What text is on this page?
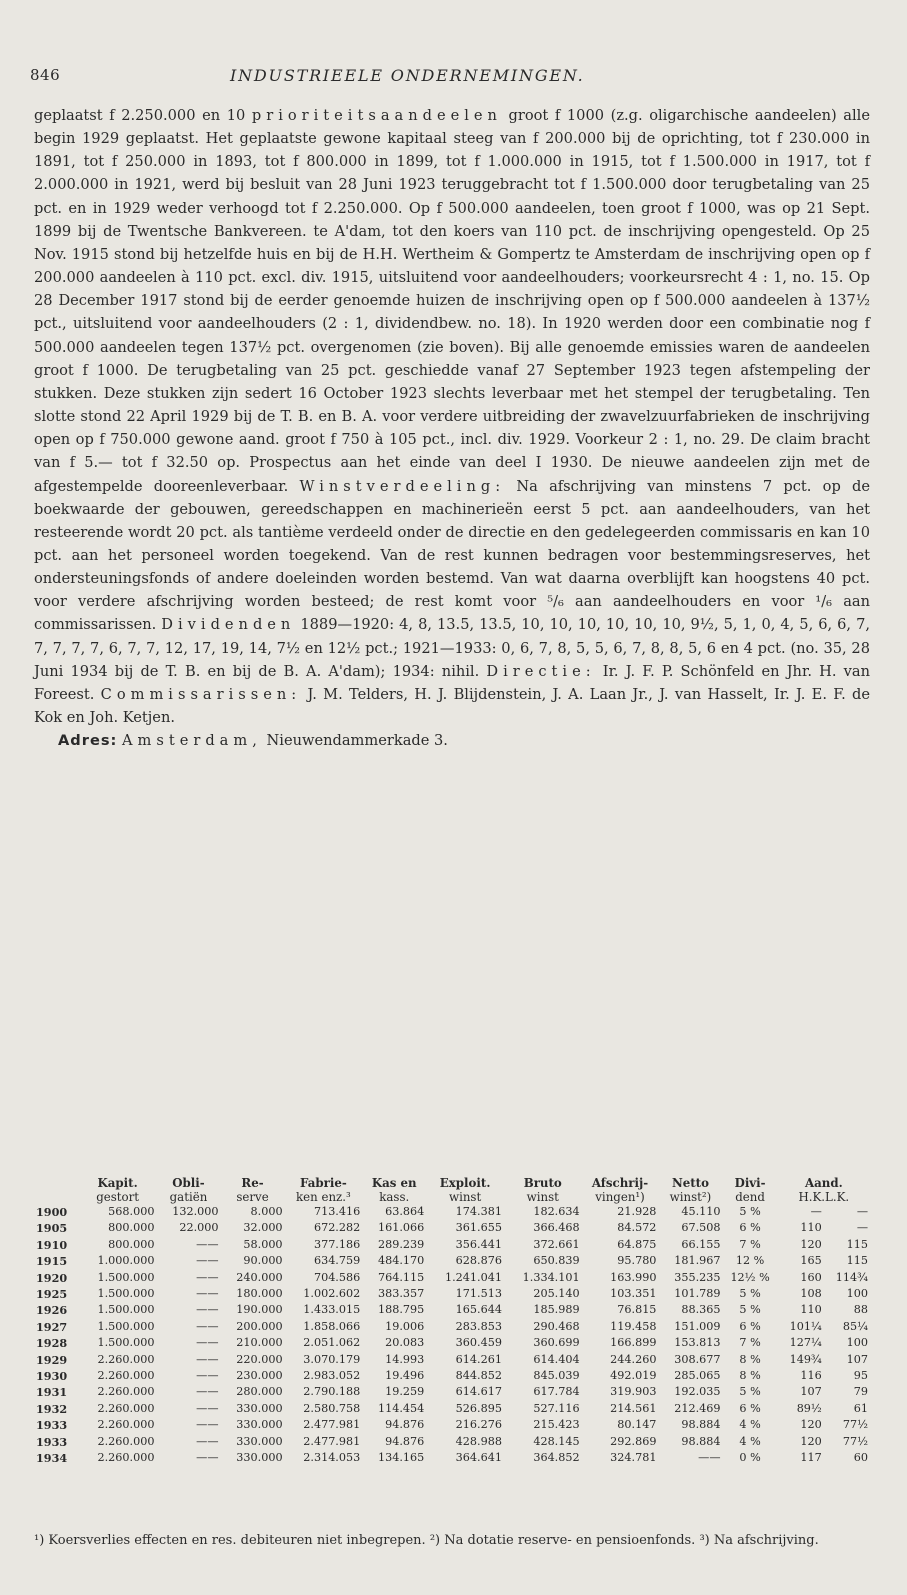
846	INDUSTRIEELE ONDERNEMINGEN.

geplaatst f 2.250.000 en 10 prioriteitsaandeelen groot f 1000 (z.g. oligarchische aandeelen) alle begin 1929 geplaatst. Het geplaatste gewone kapitaal steeg van f 200.000 bij de oprichting, tot f 230.000 in 1891, tot f 250.000 in 1893, tot f 800.000 in 1899, tot f 1.000.000 in 1915, tot f 1.500.000 in 1917, tot f 2.000.000 in 1921, werd bij besluit van 28 Juni 1923 teruggebracht tot f 1.500.000 door terugbetaling van 25 pct. en in 1929 weder verhoogd tot f 2.250.000. Op f 500.000 aandeelen, toen groot f 1000, was op 21 Sept. 1899 bij de Twentsche Bankvereen. te A'dam, tot den koers van 110 pct. de inschrijving opengesteld. Op 25 Nov. 1915 stond bij hetzelfde huis en bij de H.H. Wertheim & Gompertz te Amsterdam de inschrijving open op f 200.000 aandeelen à 110 pct. excl. div. 1915, uitsluitend voor aandeelhouders; voorkeursrecht 4 : 1, no. 15. Op 28 December 1917 stond bij de eerder genoemde huizen de inschrijving open op f 500.000 aandeelen à 137½ pct., uitsluitend voor aandeelhouders (2 : 1, dividendbew. no. 18). In 1920 werden door een combinatie nog f 500.000 aandeelen tegen 137½ pct. overgenomen (zie boven). Bij alle genoemde emissies waren de aandeelen groot f 1000. De terugbetaling van 25 pct. geschiedde vanaf 27 September 1923 tegen afstempeling der stukken. Deze stukken zijn sedert 16 October 1923 slechts leverbaar met het stempel der terugbetaling. Ten slotte stond 22 April 1929 bij de T. B. en B. A. voor verdere uitbreiding der zwavelzuurfabrieken de inschrijving open op f 750.000 gewone aand. groot f 750 à 105 pct., incl. div. 1929. Voorkeur 2 : 1, no. 29. De claim bracht van f 5.— tot f 32.50 op. Prospectus aan het einde van deel I 1930. De nieuwe aandeelen zijn met de afgestempelde dooreenleverbaar. Winstverdeeling: Na afschrijving van minstens 7 pct. op de boekwaarde der gebouwen, gereedschappen en machinerieën eerst 5 pct. aan aandeelhouders, van het resteerende wordt 20 pct. als tantième verdeeld onder de directie en den gedelegeerden commissaris en kan 10 pct. aan het personeel worden toegekend. Van de rest kunnen bedragen voor bestemmingsreserves, het ondersteuningsfonds of andere doeleinden worden bestemd. Van wat daarna overblijft kan hoogstens 40 pct. voor verdere afschrijving worden besteed; de rest komt voor ⁵/₆ aan aandeelhouders en voor ¹/₆ aan commissarissen. Dividenden 1889—1920: 4, 8, 13.5, 13.5, 10, 10, 10, 10, 10, 10, 9½, 5, 1, 0, 4, 5, 6, 6, 7, 7, 7, 7, 7, 6, 7, 7, 12, 17, 19, 14, 7½ en 12½ pct.; 1921—1933: 0, 6, 7, 8, 5, 5, 6, 7, 8, 8, 5, 6 en 4 pct. (no. 35, 28 Juni 1934 bij de T. B. en bij de B. A. A'dam); 1934: nihil. Directie: Ir. J. F. P. Schönfeld en Jhr. H. van Foreest. Commissarissen: J. M. Telders, H. J. Blijdenstein, J. A. Laan Jr., J. van Hasselt, Ir. J. E. F. de Kok en Joh. Ketjen.

Adres: Amsterdam, Nieuwendammerkade 3.

	Kapit.	Obli-	Re-	Fabrie-	Kas en	Exploit.	Bruto	Afschrij-	Netto	Divi-	Aand.	
	gestort	gatiën	serve	ken enz.³	kass.	winst	winst	vingen¹)	winst²)	dend	H.K.L.K.	
1900	568.000	132.000	8.000	713.416	63.864	174.381	182.634	21.928	45.110	5 %	—	—
1905	800.000	22.000	32.000	672.282	161.066	361.655	366.468	84.572	67.508	6 %	110	—
1910	800.000	——	58.000	377.186	289.239	356.441	372.661	64.875	66.155	7 %	120	115
1915	1.000.000	——	90.000	634.759	484.170	628.876	650.839	95.780	181.967	12 %	165	115
1920	1.500.000	——	240.000	704.586	764.115	1.241.041	1.334.101	163.990	355.235	12½ %	160	114¾
1925	1.500.000	——	180.000	1.002.602	383.357	171.513	205.140	103.351	101.789	5 %	108	100
1926	1.500.000	——	190.000	1.433.015	188.795	165.644	185.989	76.815	88.365	5 %	110	88
1927	1.500.000	——	200.000	1.858.066	19.006	283.853	290.468	119.458	151.009	6 %	101¼	85¼
1928	1.500.000	——	210.000	2.051.062	20.083	360.459	360.699	166.899	153.813	7 %	127¼	100
1929	2.260.000	——	220.000	3.070.179	14.993	614.261	614.404	244.260	308.677	8 %	149¾	107
1930	2.260.000	——	230.000	2.983.052	19.496	844.852	845.039	492.019	285.065	8 %	116	95
1931	2.260.000	——	280.000	2.790.188	19.259	614.617	617.784	319.903	192.035	5 %	107	79
1932	2.260.000	——	330.000	2.580.758	114.454	526.895	527.116	214.561	212.469	6 %	89½	61
1933	2.260.000	——	330.000	2.477.981	94.876	216.276	215.423	80.147	98.884	4 %	120	77½
1933	2.260.000	——	330.000	2.477.981	94.876	428.988	428.145	292.869	98.884	4 %	120	77½
1934	2.260.000	——	330.000	2.314.053	134.165	364.641	364.852	324.781	——	0 %	117	60

¹) Koersverlies effecten en res. debiteuren niet inbegrepen. ²) Na dotatie reserve- en pensioenfonds. ³) Na afschrijving.
